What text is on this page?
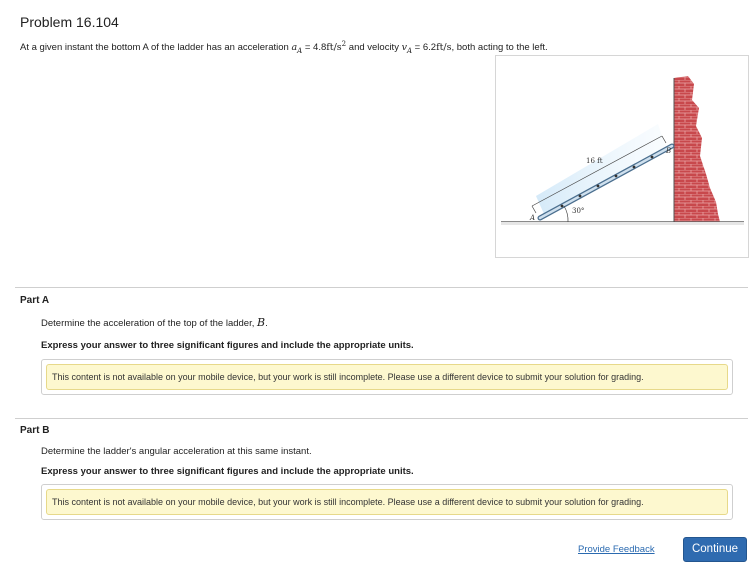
Problem 16.104
At a given instant the bottom A of the ladder has an acceleration $a_A = 4.8ft/s^2$ and velocity $v_A = 6.2ft/s$, both acting to the left.
16 ft
30°
A
B
Part A
Determine the acceleration of the top of the ladder, B.
Express your answer to three significant figures and include the appropriate units.
This content is not available on your mobile device, but your work is still incomplete. Please use a different device to submit your solution for grading.
Part B
Determine the ladder's angular acceleration at this same instant.
Express your answer to three significant figures and include the appropriate units.
This content is not available on your mobile device, but your work is still incomplete. Please use a different device to submit your solution for grading.
Provide Feedback	Continue
